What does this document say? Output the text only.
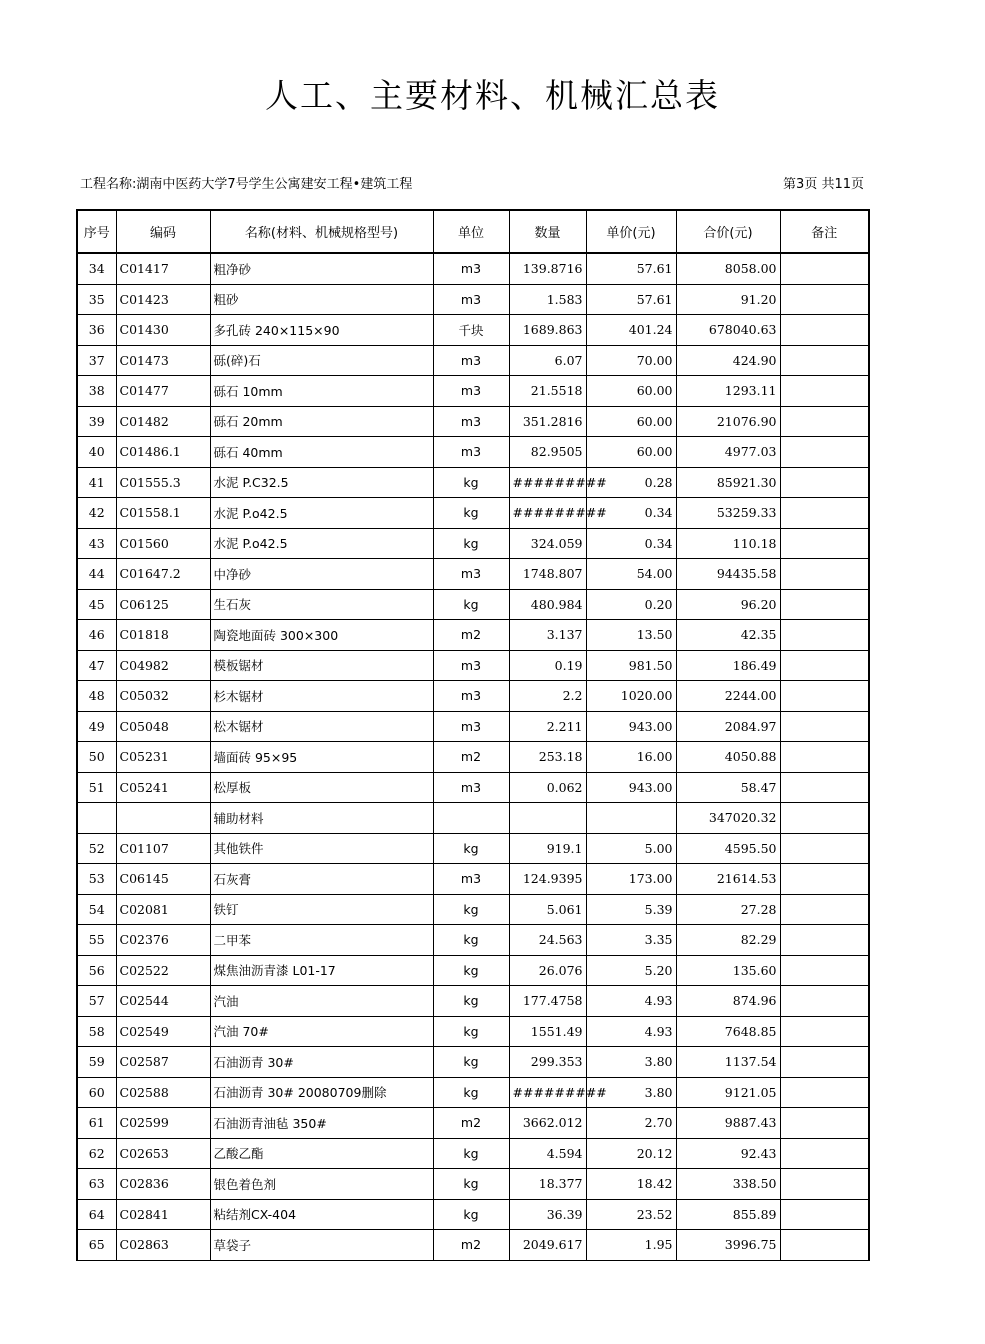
人工、主要材料、机械汇总表
工程名称:湖南中医药大学7号学生公寓建安工程•建筑工程	第3页 共11页
序号	编码	名称(材料、机械规格型号)	单位	数量	单价(元)	合价(元)	备注
34	C01417	粗净砂	m3	139.8716	57.61	8058.00	
35	C01423	粗砂	m3	1.583	57.61	91.20	
36	C01430	多孔砖 240×115×90	千块	1689.863	401.24	678040.63	
37	C01473	砾(碎)石	m3	6.07	70.00	424.90	
38	C01477	砾石 10mm	m3	21.5518	60.00	1293.11	
39	C01482	砾石 20mm	m3	351.2816	60.00	21076.90	
40	C01486.1	砾石 40mm	m3	82.9505	60.00	4977.03	
41	C01555.3	水泥 P.C32.5	kg	#########	0.28	85921.30	
42	C01558.1	水泥 P.o42.5	kg	#########	0.34	53259.33	
43	C01560	水泥 P.o42.5	kg	324.059	0.34	110.18	
44	C01647.2	中净砂	m3	1748.807	54.00	94435.58	
45	C06125	生石灰	kg	480.984	0.20	96.20	
46	C01818	陶瓷地面砖 300×300	m2	3.137	13.50	42.35	
47	C04982	模板锯材	m3	0.19	981.50	186.49	
48	C05032	杉木锯材	m3	2.2	1020.00	2244.00	
49	C05048	松木锯材	m3	2.211	943.00	2084.97	
50	C05231	墙面砖 95×95	m2	253.18	16.00	4050.88	
51	C05241	松厚板	m3	0.062	943.00	58.47	
		辅助材料				347020.32	
52	C01107	其他铁件	kg	919.1	5.00	4595.50	
53	C06145	石灰膏	m3	124.9395	173.00	21614.53	
54	C02081	铁钉	kg	5.061	5.39	27.28	
55	C02376	二甲苯	kg	24.563	3.35	82.29	
56	C02522	煤焦油沥青漆 L01-17	kg	26.076	5.20	135.60	
57	C02544	汽油	kg	177.4758	4.93	874.96	
58	C02549	汽油 70#	kg	1551.49	4.93	7648.85	
59	C02587	石油沥青 30#	kg	299.353	3.80	1137.54	
60	C02588	石油沥青 30# 20080709删除	kg	#########	3.80	9121.05	
61	C02599	石油沥青油毡 350#	m2	3662.012	2.70	9887.43	
62	C02653	乙酸乙酯	kg	4.594	20.12	92.43	
63	C02836	银色着色剂	kg	18.377	18.42	338.50	
64	C02841	粘结剂CX-404	kg	36.39	23.52	855.89	
65	C02863	草袋子	m2	2049.617	1.95	3996.75	
